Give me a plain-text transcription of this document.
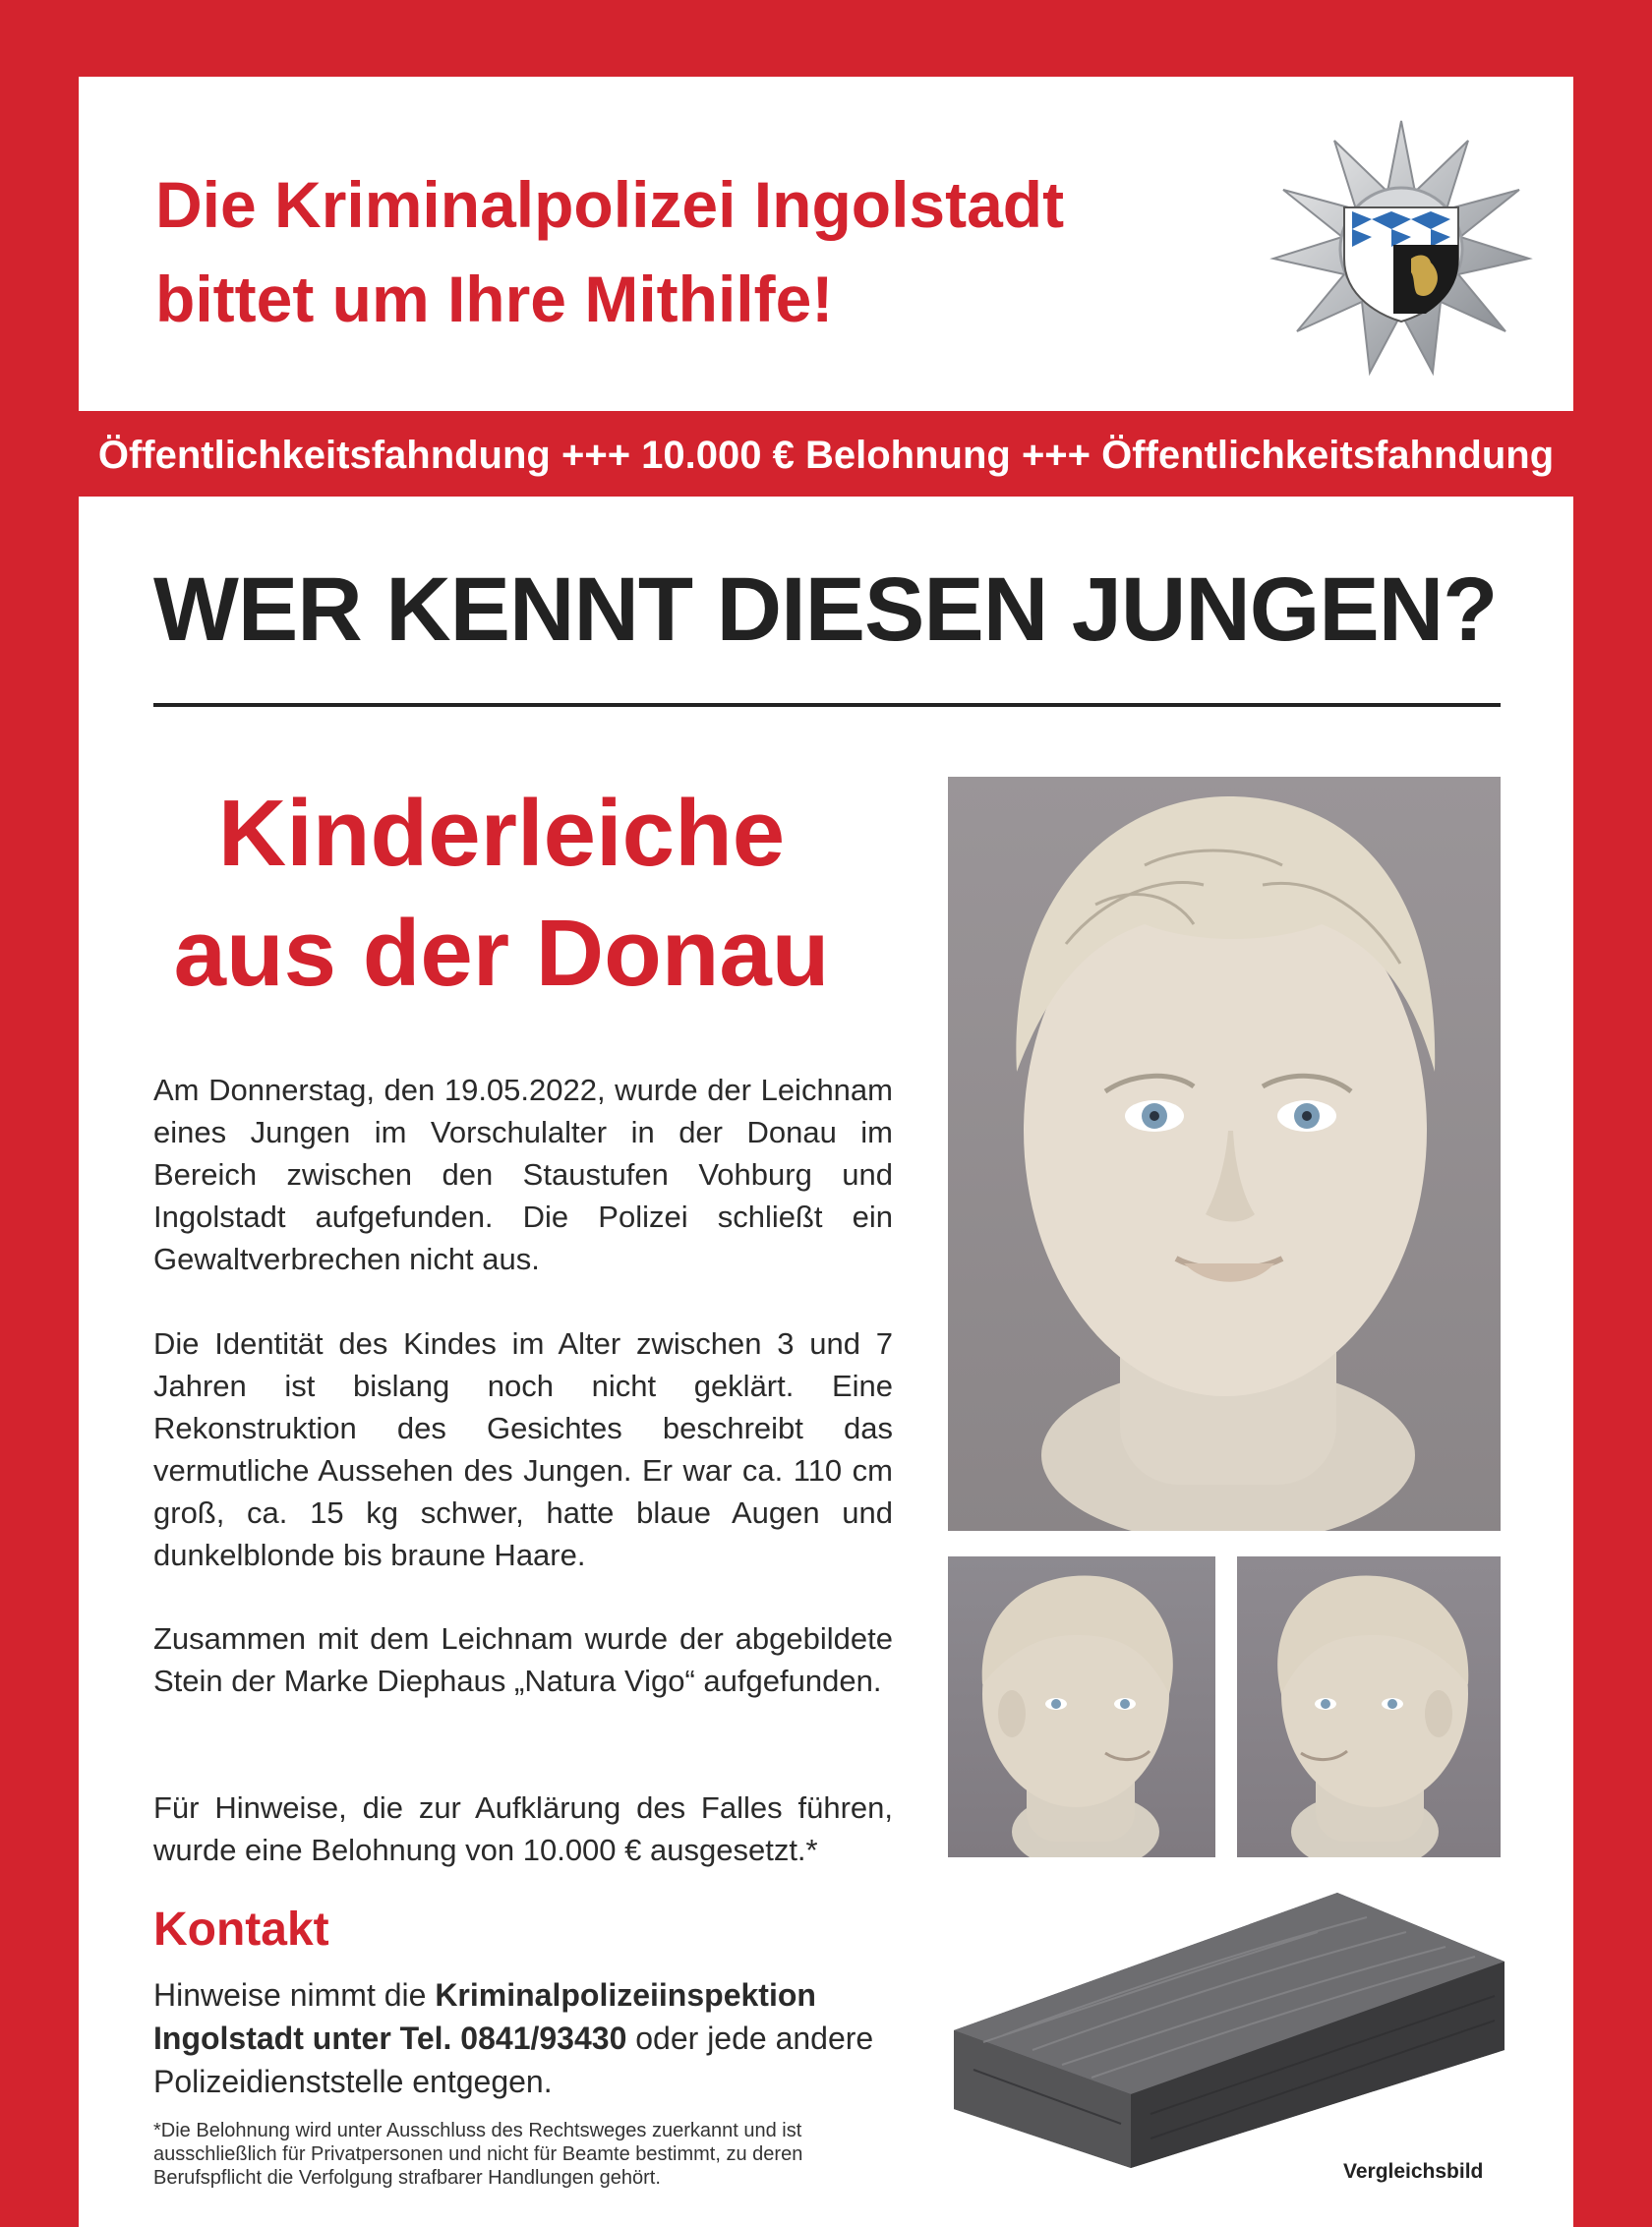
Die Kriminalpolizei Ingolstadt
bittet um Ihre Mithilfe!
Öffentlichkeitsfahndung +++ 10.000 € Belohnung +++ Öffentlichkeitsfahndung
WER KENNT DIESEN JUNGEN?
Kinderleiche
aus der Donau

Am Donnerstag, den 19.05.2022, wurde der Leichnam eines Jungen im Vorschulalter in der Donau im Bereich zwischen den Staustufen Vohburg und Ingolstadt aufgefunden. Die Polizei schließt ein Gewaltverbrechen nicht aus.

Die Identität des Kindes im Alter zwischen 3 und 7 Jahren ist bislang noch nicht geklärt. Eine Rekonstruktion des Gesichtes beschreibt das vermutliche Aussehen des Jungen. Er war ca. 110 cm groß, ca. 15 kg schwer, hatte blaue Augen und dunkelblonde bis braune Haare.

Zusammen mit dem Leichnam wurde der abgebildete Stein der Marke Diephaus „Natura Vigo“ aufgefunden.

Für Hinweise, die zur Aufklärung des Falles führen, wurde eine Belohnung von 10.000 € ausgesetzt.*

Kontakt

Hinweise nimmt die Kriminalpolizeiinspektion Ingolstadt unter Tel. 0841/93430 oder jede andere Polizeidienststelle entgegen.

*Die Belohnung wird unter Ausschluss des Rechtsweges zuerkannt und ist ausschließlich für Privatpersonen und nicht für Beamte bestimmt, zu deren Berufspflicht die Verfolgung strafbarer Handlungen gehört.	Vergleichsbild
